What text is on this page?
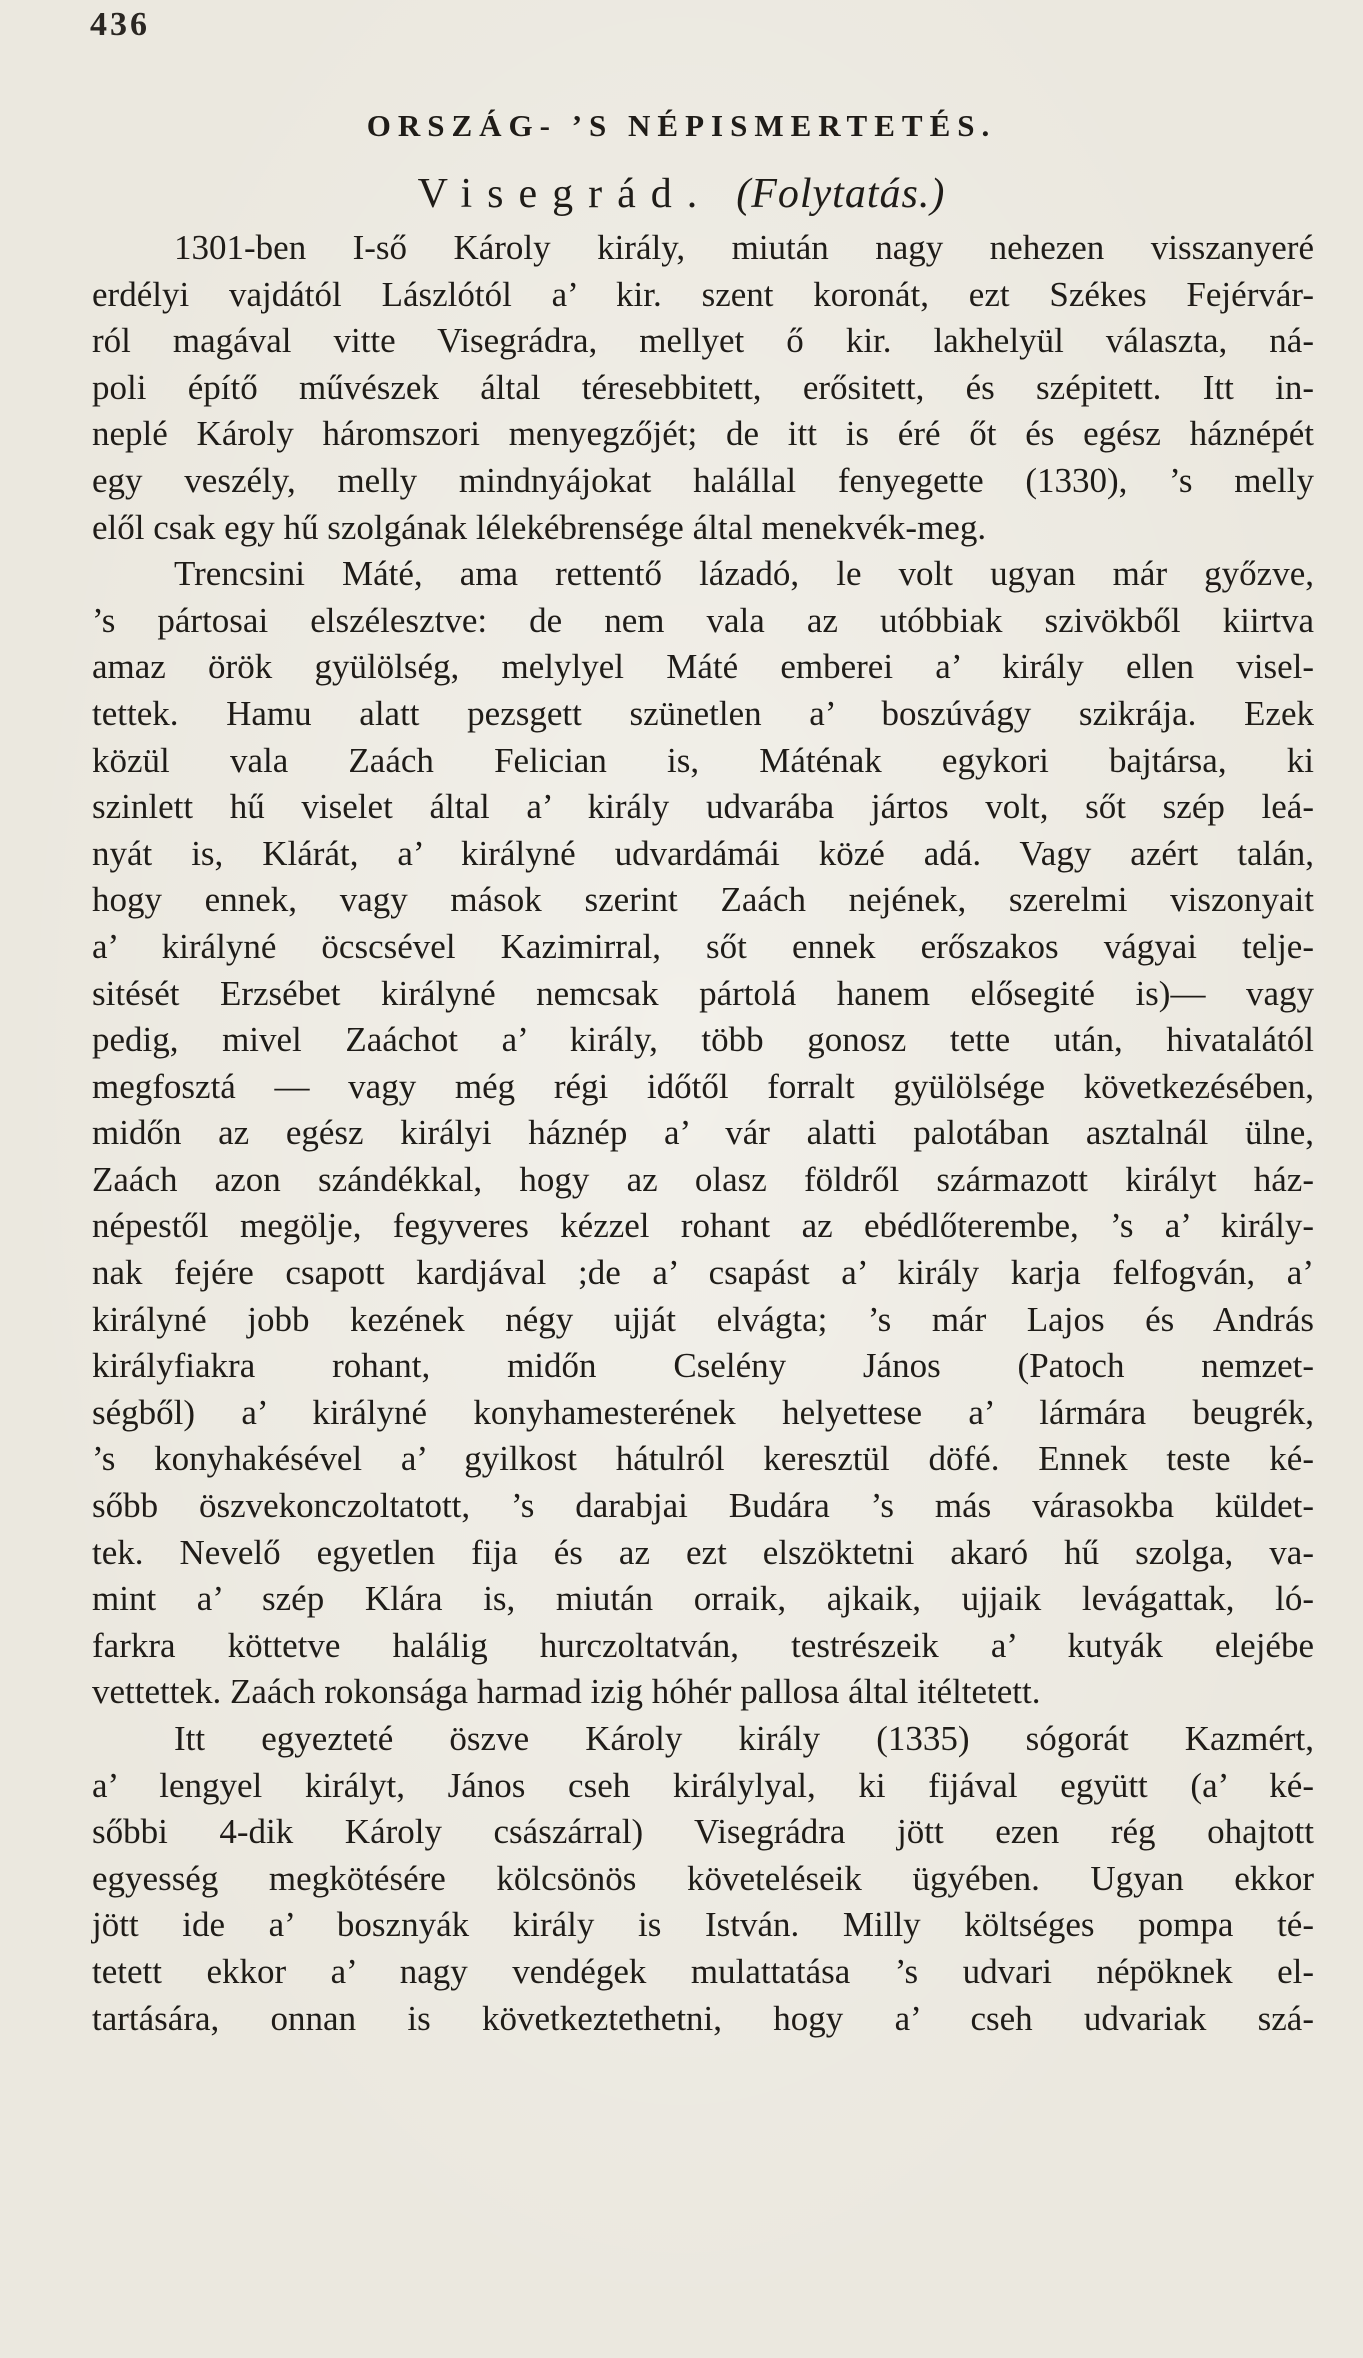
436
ORSZÁG- ’S NÉPISMERTETÉS.
Visegrád. (Folytatás.)
1301-ben I-ső Károly király, miután nagy nehezen visszanyeré
erdélyi vajdától Lászlótól a’ kir. szent koronát, ezt Székes Fejérvár-
ról magával vitte Visegrádra, mellyet ő kir. lakhelyül választa, ná-
poli építő művészek által téresebbitett, erősitett, és szépitett. Itt in-
neplé Károly háromszori menyegzőjét; de itt is éré őt és egész háznépét
egy veszély, melly mindnyájokat halállal fenyegette (1330), ’s melly
elől csak egy hű szolgának lélekébrensége által menekvék-meg.
Trencsini Máté, ama rettentő lázadó, le volt ugyan már győzve,
’s pártosai elszélesztve: de nem vala az utóbbiak szivökből kiirtva
amaz örök gyülölség, melylyel Máté emberei a’ király ellen visel-
tettek. Hamu alatt pezsgett szünetlen a’ boszúvágy szikrája. Ezek
közül vala Zaách Felician is, Máténak egykori bajtársa, ki
szinlett hű viselet által a’ király udvarába jártos volt, sőt szép leá-
nyát is, Klárát, a’ királyné udvardámái közé adá. Vagy azért talán,
hogy ennek, vagy mások szerint Zaách nejének, szerelmi viszonyait
a’ királyné öcscsével Kazimirral, sőt ennek erőszakos vágyai telje-
sitését Erzsébet királyné nemcsak pártolá hanem elősegité is)— vagy
pedig, mivel Zaáchot a’ király, több gonosz tette után, hivatalától
megfosztá — vagy még régi időtől forralt gyülölsége következésében,
midőn az egész királyi háznép a’ vár alatti palotában asztalnál ülne,
Zaách azon szándékkal, hogy az olasz földről származott királyt ház-
népestől megölje, fegyveres kézzel rohant az ebédlőterembe, ’s a’ király-
nak fejére csapott kardjával ;de a’ csapást a’ király karja felfogván, a’
királyné jobb kezének négy ujját elvágta; ’s már Lajos és András
királyfiakra rohant, midőn Cselény János (Patoch nemzet-
ségből) a’ királyné konyhamesterének helyettese a’ lármára beugrék,
’s konyhakésével a’ gyilkost hátulról keresztül döfé. Ennek teste ké-
sőbb öszvekonczoltatott, ’s darabjai Budára ’s más várasokba küldet-
tek. Nevelő egyetlen fija és az ezt elszöktetni akaró hű szolga, va-
mint a’ szép Klára is, miután orraik, ajkaik, ujjaik levágattak, ló-
farkra köttetve halálig hurczoltatván, testrészeik a’ kutyák elejébe
vettettek. Zaách rokonsága harmad izig hóhér pallosa által itéltetett.
Itt egyezteté öszve Károly király (1335) sógorát Kazmért,
a’ lengyel királyt, János cseh királylyal, ki fijával együtt (a’ ké-
sőbbi 4-dik Károly császárral) Visegrádra jött ezen rég ohajtott
egyesség megkötésére kölcsönös követeléseik ügyében. Ugyan ekkor
jött ide a’ bosznyák király is István. Milly költséges pompa té-
tetett ekkor a’ nagy vendégek mulattatása ’s udvari népöknek el-
tartására, onnan is következtethetni, hogy a’ cseh udvariak szá-
